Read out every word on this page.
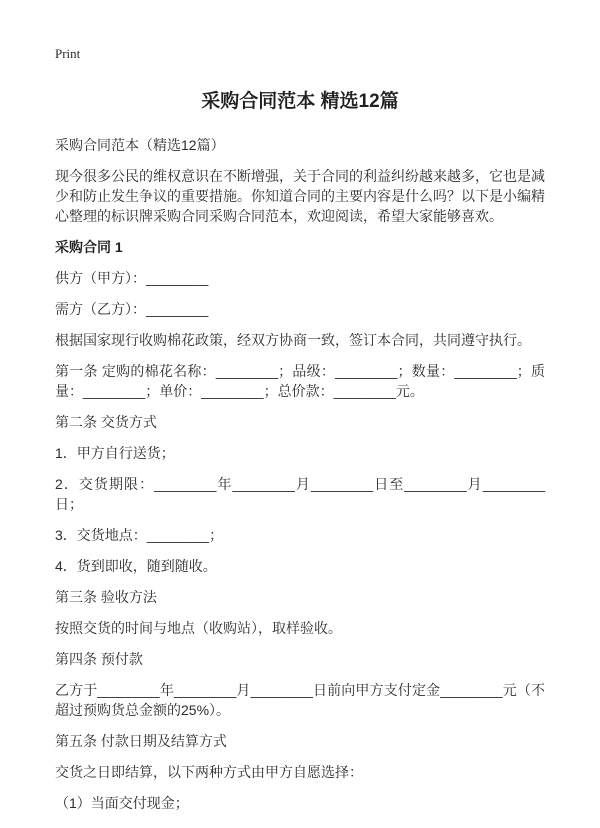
Print
采购合同范本 精选12篇

采购合同范本（精选12篇）

现今很多公民的维权意识在不断增强，关于合同的利益纠纷越来越多，它也是减少和防止发生争议的重要措施。你知道合同的主要内容是什么吗？以下是小编精心整理的标识牌采购合同采购合同范本，欢迎阅读，希望大家能够喜欢。

采购合同 1

供方（甲方）：________

需方（乙方）：________

根据国家现行收购棉花政策，经双方协商一致，签订本合同，共同遵守执行。

第一条 定购的棉花名称：________；品级：________；数量：________；质量：________；单价：________；总价款：________元。

第二条 交货方式

1．甲方自行送货；

2．交货期限：________年________月________日至________月________日；

3．交货地点：________；

4．货到即收，随到随收。

第三条 验收方法

按照交货的时间与地点（收购站），取样验收。

第四条 预付款

乙方于________年________月________日前向甲方支付定金________元（不超过预购货总金额的25%）。

第五条 付款日期及结算方式

交货之日即结算，以下两种方式由甲方自愿选择：

（1）当面交付现金；
